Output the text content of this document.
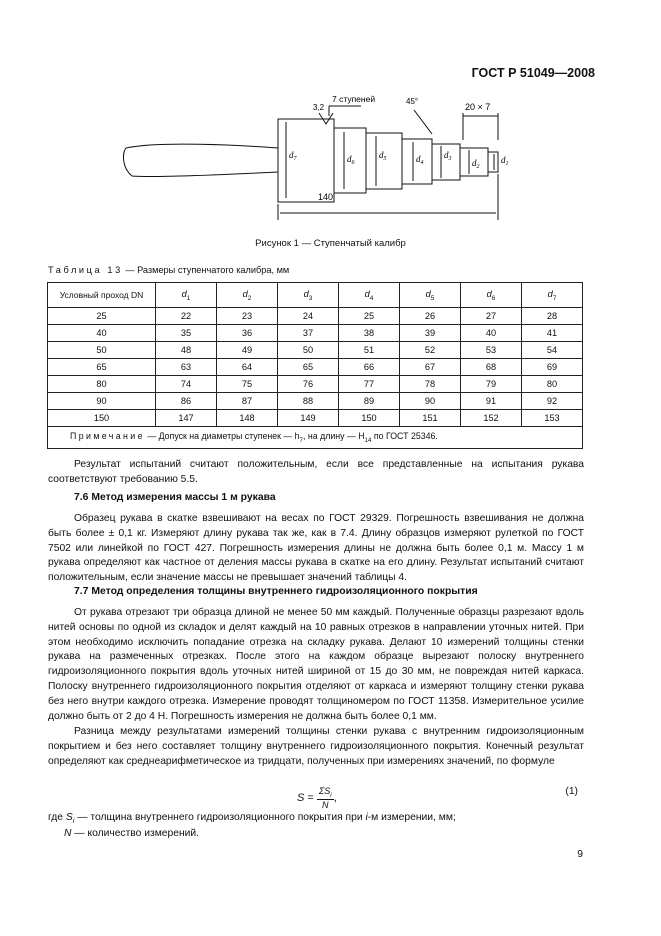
ГОСТ Р 51049—2008
140
20 × 7
7 ступеней
3,2
45°
$d_7$	$d_6$
$d_5$	$d_4$
$d_3$ $d_2$
$d_1$
Рисунок 1 — Ступенчатый калибр
Таблица 13 — Размеры ступенчатого калибра, мм
Условный проход DN	$d_1$	$d_2$	$d_3$	$d_4$	$d_5$	$d_6$	$d_7$
25	22	23	24	25	26	27	28
40	35	36	37	38	39	40	41
50	48	49	50	51	52	53	54
65	63	64	65	66	67	68	69
80	74	75	76	77	78	79	80
90	86	87	88	89	90	91	92
150	147	148	149	150	151	152	153
Примечание — Допуск на диаметры ступенек — $h_7$, на длину — $H_{14}$ по ГОСТ 25346.							
Результат испытаний считают положительным, если все представленные на испытания рукава соответствуют требованию 5.5.
7.6 Метод измерения массы 1 м рукава
Образец рукава в скатке взвешивают на весах по ГОСТ 29329. Погрешность взвешивания не должна быть более ± 0,1 кг. Измеряют длину рукава так же, как в 7.4. Длину образцов измеряют рулеткой по ГОСТ 7502 или линейкой по ГОСТ 427. Погрешность измерения длины не должна быть более 0,1 м. Массу 1 м рукава определяют как частное от деления массы рукава в скатке на его длину. Результат испытаний считают положительным, если значение массы не превышает значений таблицы 4.
7.7 Метод определения толщины внутреннего гидроизоляционного покрытия
От рукава отрезают три образца длиной не менее 50 мм каждый. Полученные образцы разрезают вдоль нитей основы по одной из складок и делят каждый на 10 равных отрезков в направлении уточных нитей. При этом необходимо исключить попадание отрезка на складку рукава. Делают 10 измерений толщины стенки рукава на размеченных отрезках. После этого на каждом образце вырезают полоску внутреннего гидроизоляционного покрытия вдоль уточных нитей шириной от 15 до 30 мм, не повреждая нитей каркаса. Полоску внутреннего гидроизоляционного покрытия отделяют от каркаса и измеряют толщину стенки рукава без него внутри каждого отрезка. Измерение проводят толщиномером по ГОСТ 11358. Измерительное усилие должно быть от 2 до 4 Н. Погрешность измерения не должна быть более 0,1 мм.
Разница между результатами измерений толщины стенки рукава с внутренним гидроизоляционным покрытием и без него составляет толщину внутреннего гидроизоляционного покрытия. Конечный результат определяют как среднеарифметическое из тридцати, полученных при измерениях значений, по формуле
S =
$\Sigma S_i$
N
,
(1)
где $S_i$ — толщина внутреннего гидроизоляционного покрытия при i-м измерении, мм;
N — количество измерений.
9
